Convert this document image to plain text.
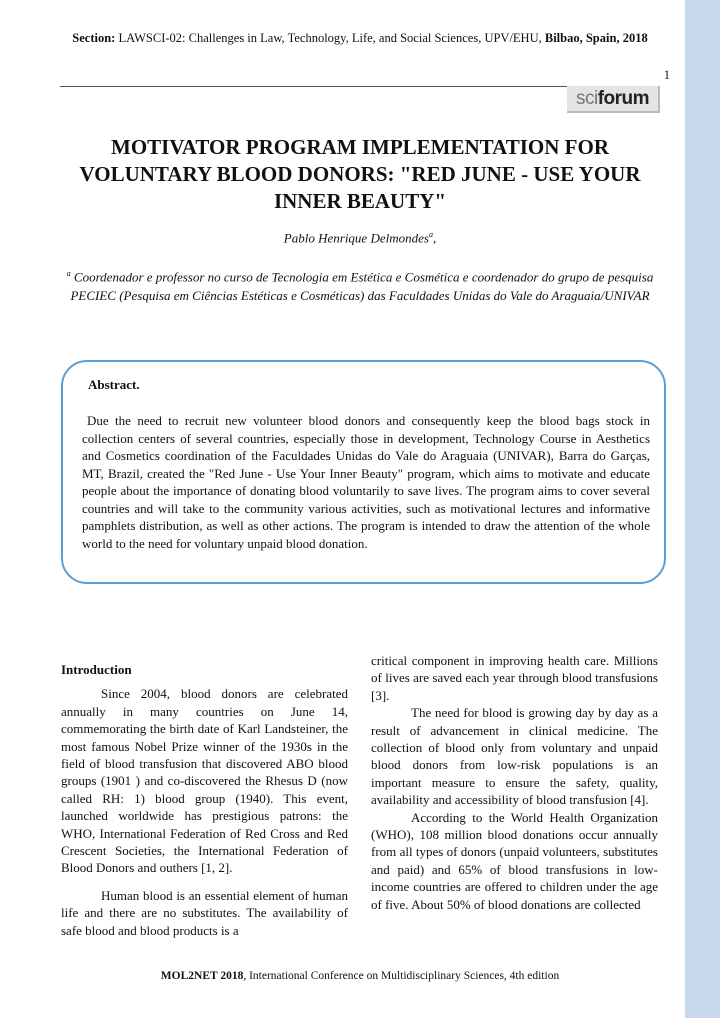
Section: LAWSCI-02: Challenges in Law, Technology, Life, and Social Sciences, UPV/EHU, Bilbao, Spain, 2018
1
sci forum
MOTIVATOR PROGRAM IMPLEMENTATION FOR VOLUNTARY BLOOD DONORS: "RED JUNE - USE YOUR INNER BEAUTY"
Pablo Henrique Delmondes$^a$,
$^a$ Coordenador e professor no curso de Tecnologia em Estética e Cosmética e coordenador do grupo de pesquisa PECIEC (Pesquisa em Ciências Estéticas e Cosméticas) das Faculdades Unidas do Vale do Araguaia/UNIVAR
Abstract.
Due the need to recruit new volunteer blood donors and consequently keep the blood bags stock in collection centers of several countries, especially those in development, Technology Course in Aesthetics and Cosmetics coordination of the Faculdades Unidas do Vale do Araguaia (UNIVAR), Barra do Garças, MT, Brazil, created the "Red June - Use Your Inner Beauty" program, which aims to motivate and educate people about the importance of donating blood voluntarily to save lives. The program aims to cover several countries and will take to the community various activities, such as motivational lectures and informative pamphlets distribution, as well as other actions. The program is intended to draw the attention of the whole world to the need for voluntary unpaid blood donation.

Introduction

Since 2004, blood donors are celebrated annually in many countries on June 14, commemorating the birth date of Karl Landsteiner, the most famous Nobel Prize winner of the 1930s in the field of blood transfusion that discovered ABO blood groups (1901 ) and co-discovered the Rhesus D (now called RH: 1) blood group (1940). This event, launched worldwide has prestigious patrons: the WHO, International Federation of Red Cross and Red Crescent Societies, the International Federation of Blood Donors and outhers [1, 2].

Human blood is an essential element of human life and there are no substitutes. The availability of safe blood and blood products is a

critical component in improving health care. Millions of lives are saved each year through blood transfusions [3].

The need for blood is growing day by day as a result of advancement in clinical medicine. The collection of blood only from voluntary and unpaid blood donors from low-risk populations is an important measure to ensure the safety, quality, availability and accessibility of blood transfusion [4].

According to the World Health Organization (WHO), 108 million blood donations occur annually from all types of donors (unpaid volunteers, substitutes and paid) and 65% of blood transfusions in low-income countries are offered to children under the age of five. About 50% of blood donations are collected

MOL2NET 2018, International Conference on Multidisciplinary Sciences, 4th edition
